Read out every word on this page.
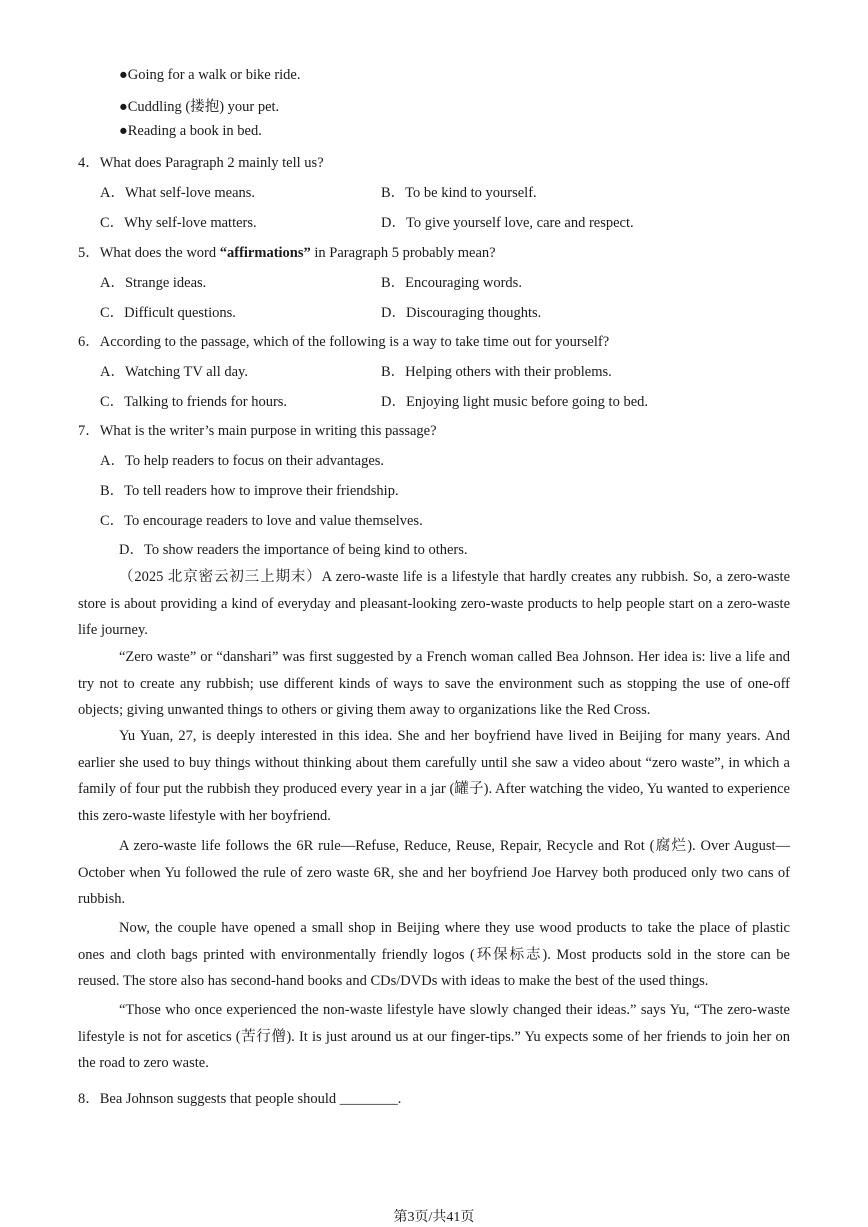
●Going for a walk or bike ride.
●Cuddling (搂抱) your pet.
●Reading a book in bed.
4．What does Paragraph 2 mainly tell us?
A．What self-love means.	B．To be kind to yourself.
C．Why self-love matters.	D．To give yourself love, care and respect.
5．What does the word “affirmations” in Paragraph 5 probably mean?
A．Strange ideas.	B．Encouraging words.
C．Difficult questions.	D．Discouraging thoughts.
6．According to the passage, which of the following is a way to take time out for yourself?
A．Watching TV all day.	B．Helping others with their problems.
C．Talking to friends for hours.	D．Enjoying light music before going to bed.
7．What is the writer’s main purpose in writing this passage?
A．To help readers to focus on their advantages.
B．To tell readers how to improve their friendship.
C．To encourage readers to love and value themselves.
D．To show readers the importance of being kind to others.
（2025 北京密云初三上期末）A zero-waste life is a lifestyle that hardly creates any rubbish. So, a zero-waste store is about providing a kind of everyday and pleasant-looking zero-waste products to help people start on a zero-waste life journey.
“Zero waste” or “danshari” was first suggested by a French woman called Bea Johnson. Her idea is: live a life and try not to create any rubbish; use different kinds of ways to save the environment such as stopping the use of one-off objects; giving unwanted things to others or giving them away to organizations like the Red Cross.
Yu Yuan, 27, is deeply interested in this idea. She and her boyfriend have lived in Beijing for many years. And earlier she used to buy things without thinking about them carefully until she saw a video about “zero waste”, in which a family of four put the rubbish they produced every year in a jar (罐子). After watching the video, Yu wanted to experience this zero-waste lifestyle with her boyfriend.
A zero-waste life follows the 6R rule—Refuse, Reduce, Reuse, Repair, Recycle and Rot (腐烂). Over August—October when Yu followed the rule of zero waste 6R, she and her boyfriend Joe Harvey both produced only two cans of rubbish.
Now, the couple have opened a small shop in Beijing where they use wood products to take the place of plastic ones and cloth bags printed with environmentally friendly logos (环保标志). Most products sold in the store can be reused. The store also has second-hand books and CDs/DVDs with ideas to make the best of the used things.
“Those who once experienced the non-waste lifestyle have slowly changed their ideas.” says Yu, “The zero-waste lifestyle is not for ascetics (苦行僧). It is just around us at our finger-tips.” Yu expects some of her friends to join her on the road to zero waste.
8．Bea Johnson suggests that people should ________.
第3页/共41页
